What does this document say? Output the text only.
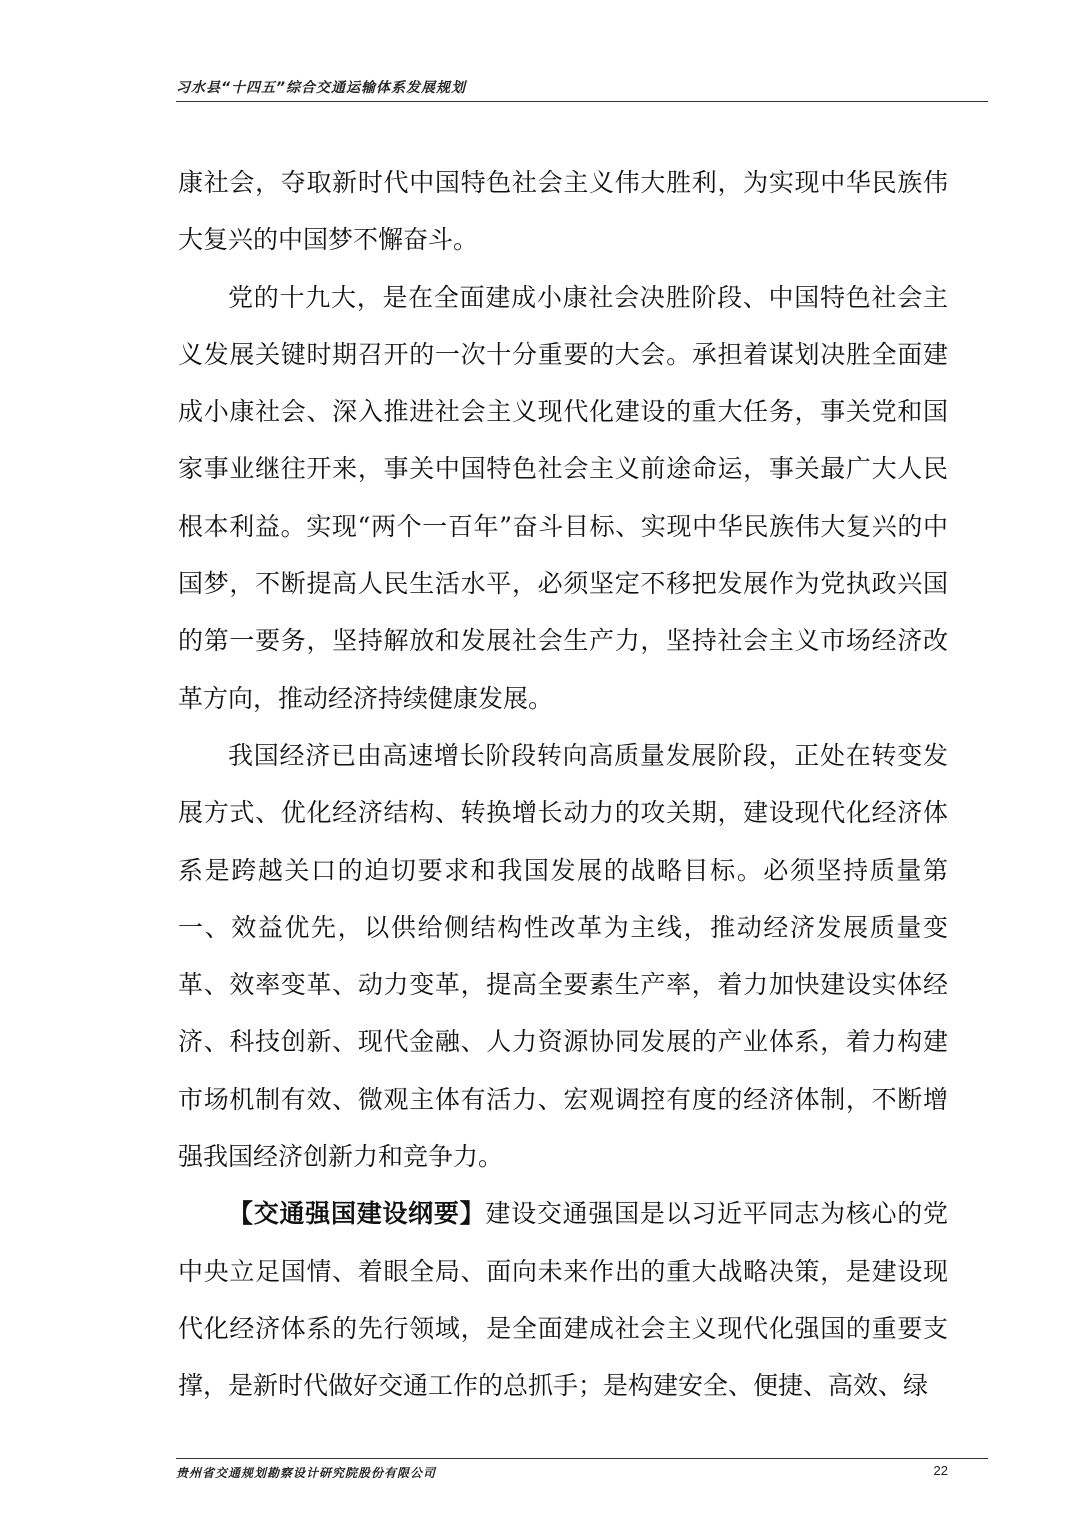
习水县“十四五”综合交通运输体系发展规划

康社会，夺取新时代中国特色社会主义伟大胜利，为实现中华民族伟大复兴的中国梦不懈奋斗。

党的十九大，是在全面建成小康社会决胜阶段、中国特色社会主义发展关键时期召开的一次十分重要的大会。承担着谋划决胜全面建成小康社会、深入推进社会主义现代化建设的重大任务，事关党和国家事业继往开来，事关中国特色社会主义前途命运，事关最广大人民根本利益。实现“两个一百年”奋斗目标、实现中华民族伟大复兴的中国梦，不断提高人民生活水平，必须坚定不移把发展作为党执政兴国的第一要务，坚持解放和发展社会生产力，坚持社会主义市场经济改革方向，推动经济持续健康发展。

我国经济已由高速增长阶段转向高质量发展阶段，正处在转变发展方式、优化经济结构、转换增长动力的攻关期，建设现代化经济体系是跨越关口的迫切要求和我国发展的战略目标。必须坚持质量第一、效益优先，以供给侧结构性改革为主线，推动经济发展质量变革、效率变革、动力变革，提高全要素生产率，着力加快建设实体经济、科技创新、现代金融、人力资源协同发展的产业体系，着力构建市场机制有效、微观主体有活力、宏观调控有度的经济体制，不断增强我国经济创新力和竞争力。

【交通强国建设纲要】建设交通强国是以习近平同志为核心的党中央立足国情、着眼全局、面向未来作出的重大战略决策，是建设现代化经济体系的先行领域，是全面建成社会主义现代化强国的重要支撑，是新时代做好交通工作的总抓手；是构建安全、便捷、高效、绿

贵州省交通规划勘察设计研究院股份有限公司	22
